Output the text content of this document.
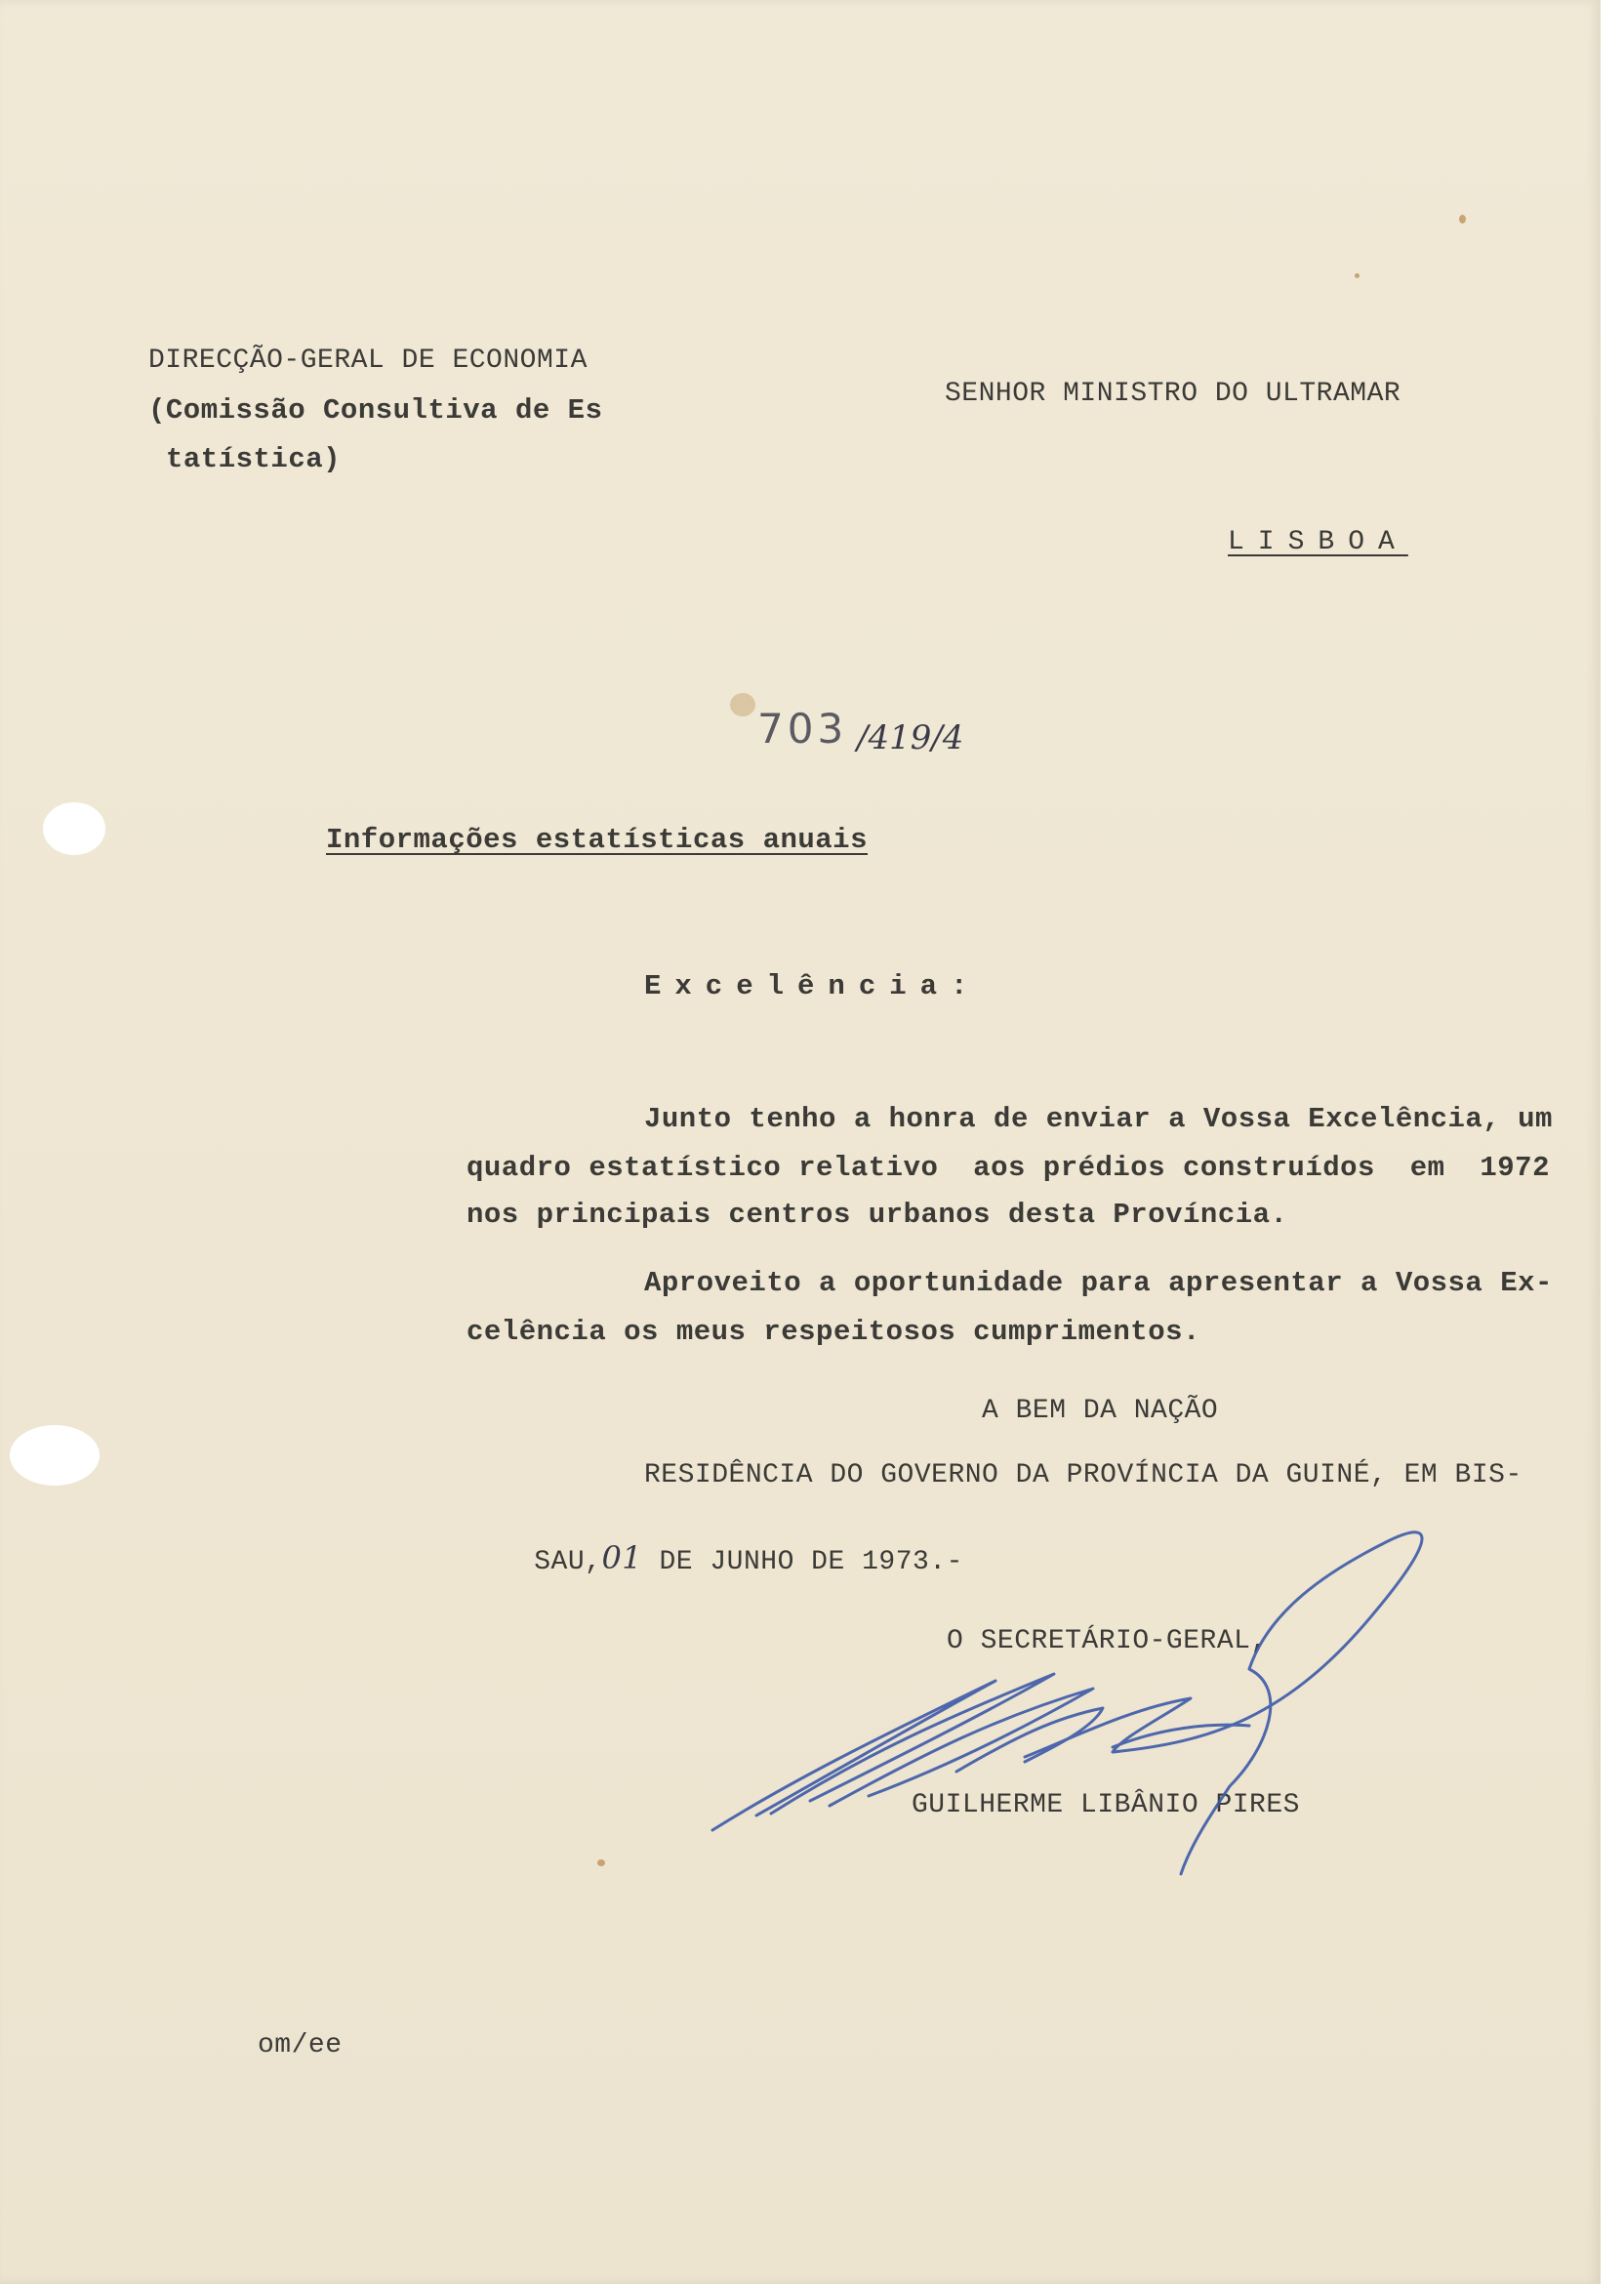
DIRECÇÃO-GERAL DE ECONOMIA
(Comissão Consultiva de Es
tatística)
SENHOR MINISTRO DO ULTRAMAR
LISBOA
703 /419/4
Informações estatísticas anuais
Excelência:
Junto tenho a honra de enviar a Vossa Excelência, um
quadro estatístico relativo  aos prédios construídos  em  1972
nos principais centros urbanos desta Província.
Aproveito a oportunidade para apresentar a Vossa Ex-
celência os meus respeitosos cumprimentos.
A BEM DA NAÇÃO
RESIDÊNCIA DO GOVERNO DA PROVÍNCIA DA GUINÉ, EM BIS-

SAU,01 DE JUNHO DE 1973.-

O SECRETÁRIO-GERAL,
GUILHERME LIBÂNIO PIRES
om/ee
